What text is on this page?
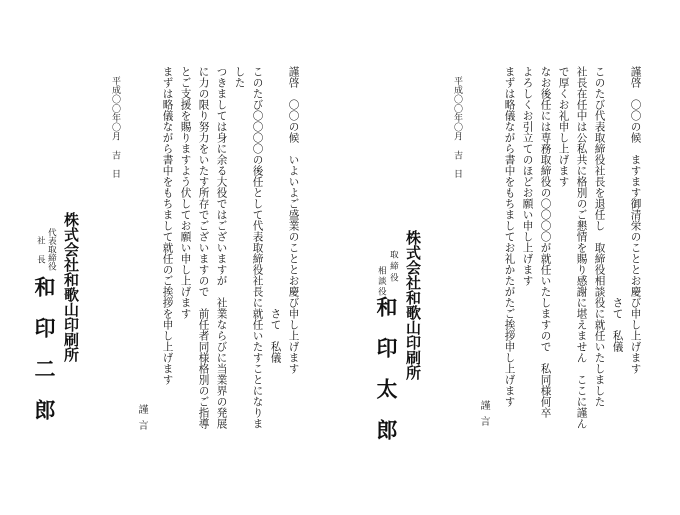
謹啓　〇〇の候　ますます御清栄のこととお慶び申し上げます
　　　　　　　　　　　　　　　　　　　　　さて　私儀
このたび代表取締役社長を退任し　取締役相談役に就任いたしました
社長在任中は公私共に格別のご懇情を賜り感謝に堪えません　ここに謹ん
で厚くお礼申し上げます
なお後任には専務取締役の〇〇〇〇が就任いたしますので　私同様何卒
よろしくお引立てのほどお願い申し上げます
まずは略儀ながら書中をもちましてお礼かたがたご挨拶申し上げます
謹言
平成〇〇年〇月　吉　日
株式会社和歌山印刷所
取締役
相談役
和印太郎
謹啓　〇〇の候　いよいよご盛業のこととお慶び申し上げます
　　　　　　　　　　　　　　　　　　　　　　さて　私儀
このたび〇〇〇〇の後任として代表取締役社長に就任いたすことになりま
した
つきましては身に余る大役ではございますが　社業ならびに当業界の発展
に力の限り努力をいたす所存でございますので　前任者同様格別のご指導
とご支援を賜りますよう伏してお願い申し上げます
まずは略儀ながら書中をもちまして就任のご挨拶を申し上げます
謹言
平成〇〇年〇月　吉　日
株式会社和歌山印刷所
代表取締役
社　長
和印二郎
